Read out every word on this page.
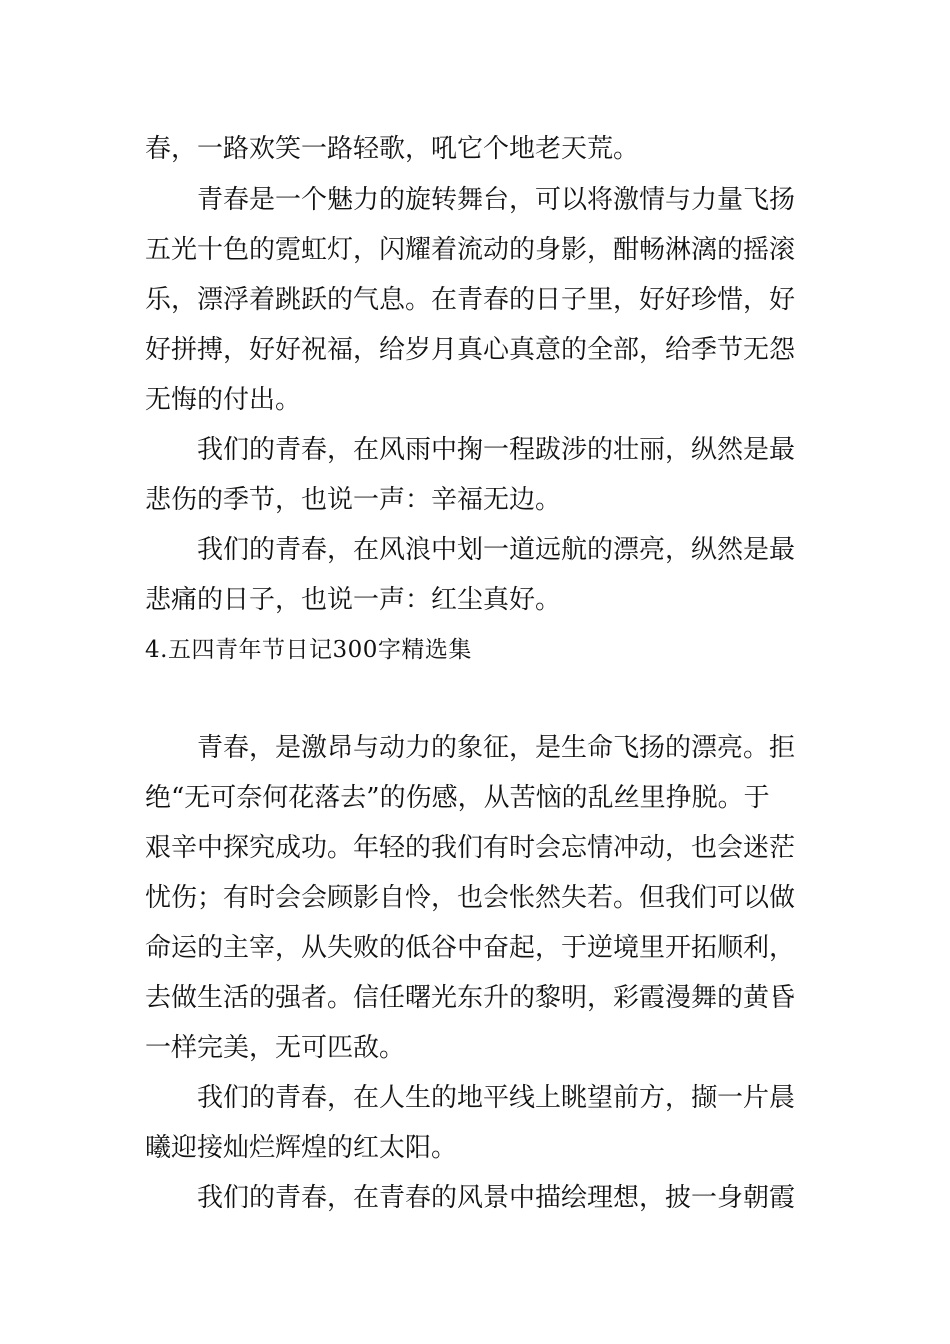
春，一路欢笑一路轻歌，吼它个地老天荒。

青春是一个魅力的旋转舞台，可以将激情与力量飞扬

五光十色的霓虹灯，闪耀着流动的身影，酣畅淋漓的摇滚

乐，漂浮着跳跃的气息。在青春的日子里，好好珍惜，好

好拼搏，好好祝福，给岁月真心真意的全部，给季节无怨

无悔的付出。

我们的青春，在风雨中掬一程跋涉的壮丽，纵然是最

悲伤的季节，也说一声：辛福无边。

我们的青春，在风浪中划一道远航的漂亮，纵然是最

悲痛的日子，也说一声：红尘真好。

4.五四青年节日记300字精选集

青春，是激昂与动力的象征，是生命飞扬的漂亮。拒

绝“无可奈何花落去”的伤感，从苦恼的乱丝里挣脱。于

艰辛中探究成功。年轻的我们有时会忘情冲动，也会迷茫

忧伤；有时会会顾影自怜，也会怅然失若。但我们可以做

命运的主宰，从失败的低谷中奋起，于逆境里开拓顺利，

去做生活的强者。信任曙光东升的黎明，彩霞漫舞的黄昏

一样完美，无可匹敌。

我们的青春，在人生的地平线上眺望前方，撷一片晨

曦迎接灿烂辉煌的红太阳。

我们的青春，在青春的风景中描绘理想，披一身朝霞
